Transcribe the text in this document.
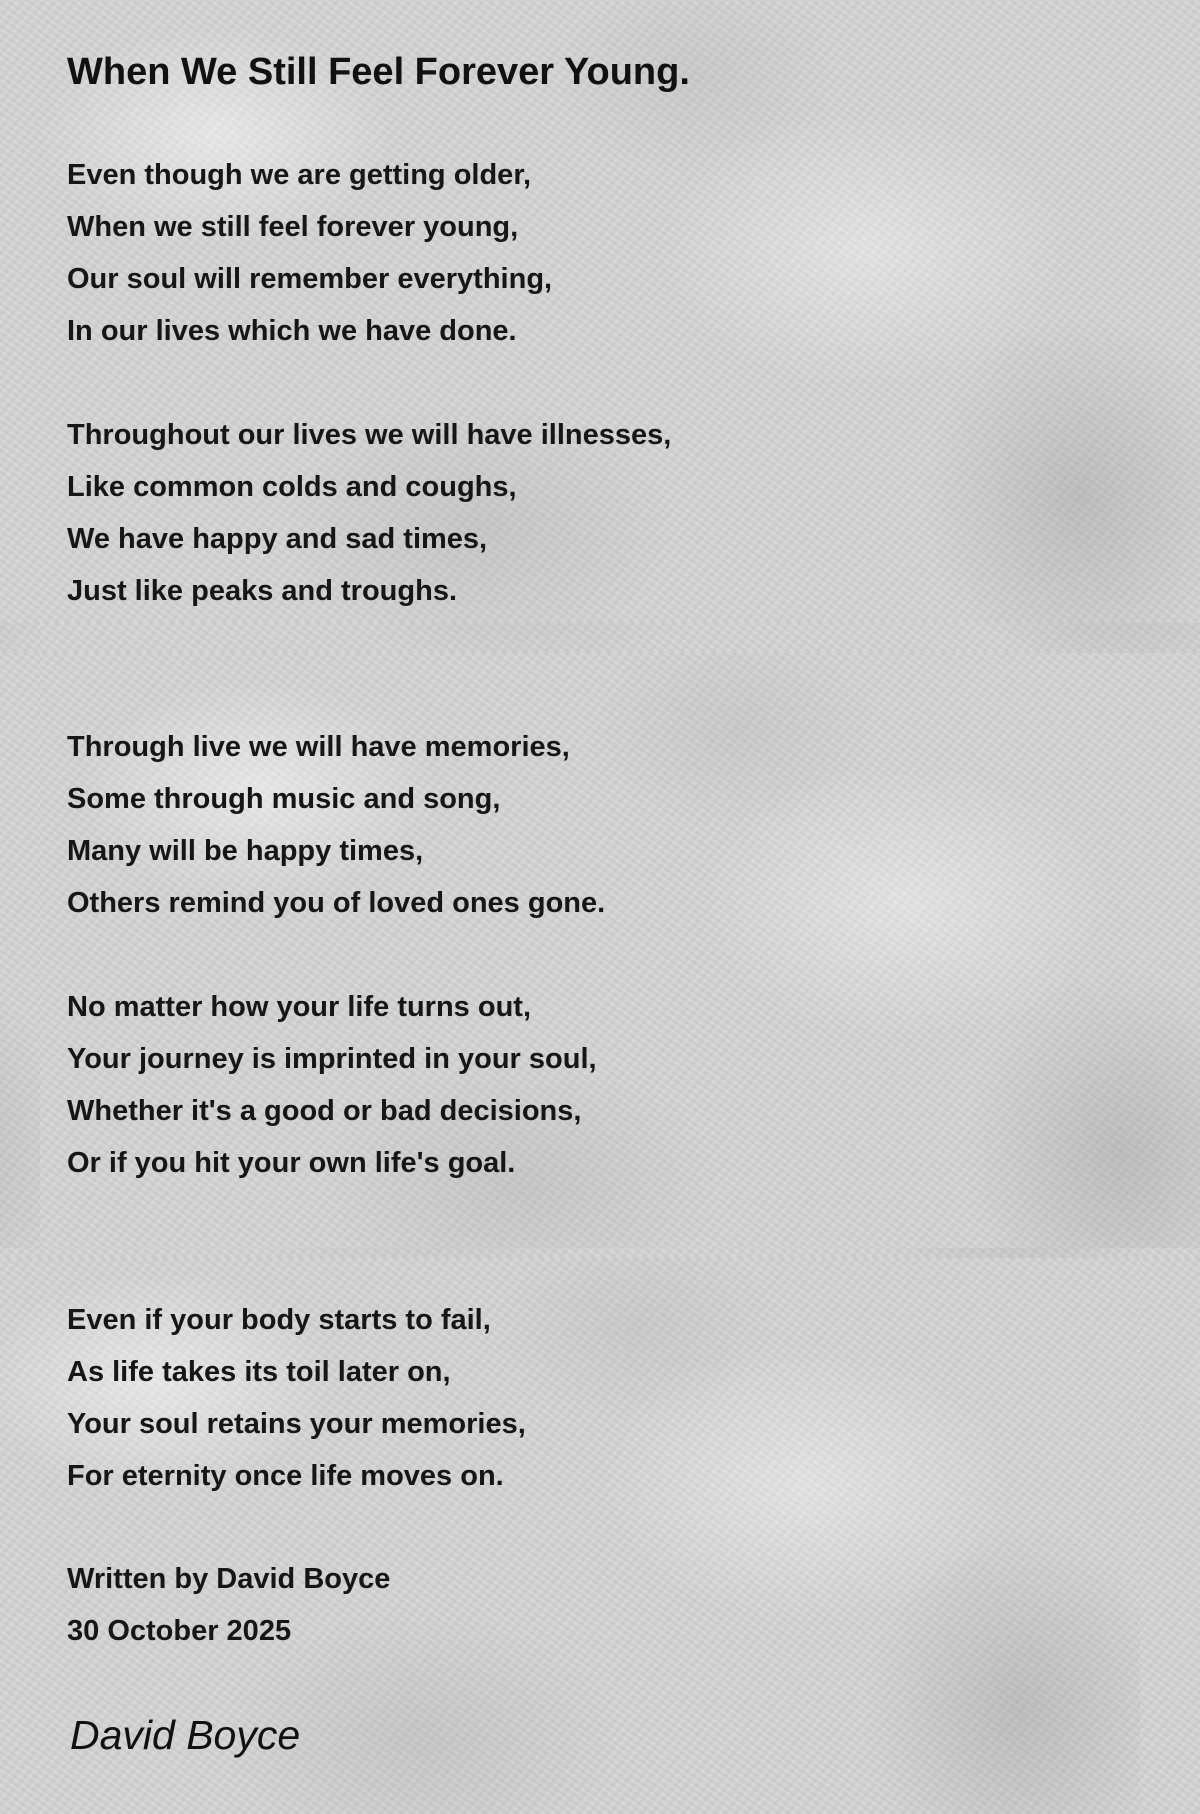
When We Still Feel Forever Young.
Even though we are getting older,
When we still feel forever young,
Our soul will remember everything,
In our lives which we have done.
Throughout our lives we will have illnesses,
Like common colds and coughs,
We have happy and sad times,
Just like peaks and troughs.
Through live we will have memories,
Some through music and song,
Many will be happy times,
Others remind you of loved ones gone.
No matter how your life turns out,
Your journey is imprinted in your soul,
Whether it's a good or bad decisions,
Or if you hit your own life's goal.
Even if your body starts to fail,
As life takes its toil later on,
Your soul retains your memories,
For eternity once life moves on.
Written by David Boyce
30 October 2025

David Boyce
